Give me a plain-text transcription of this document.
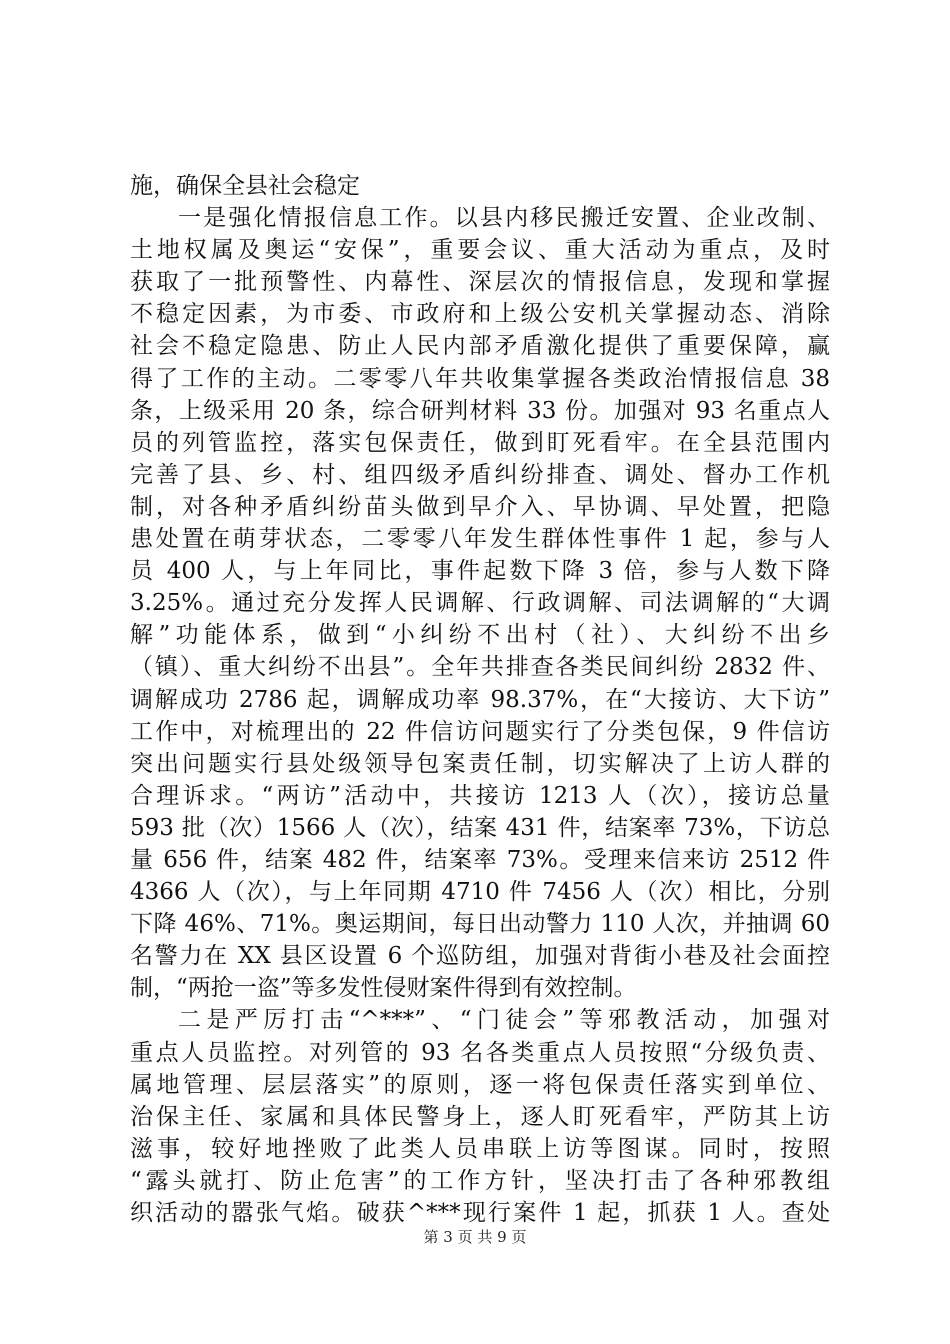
施，确保全县社会稳定
一是强化情报信息工作。以县内移民搬迁安置、企业改制、
土地权属及奥运“安保”，重要会议、重大活动为重点，及时
获取了一批预警性、内幕性、深层次的情报信息，发现和掌握
不稳定因素，为市委、市政府和上级公安机关掌握动态、消除
社会不稳定隐患、防止人民内部矛盾激化提供了重要保障，赢
得了工作的主动。二零零八年共收集掌握各类政治情报信息 38
条，上级采用 20 条，综合研判材料 33 份。加强对 93 名重点人
员的列管监控，落实包保责任，做到盯死看牢。在全县范围内
完善了县、乡、村、组四级矛盾纠纷排查、调处、督办工作机
制，对各种矛盾纠纷苗头做到早介入、早协调、早处置，把隐
患处置在萌芽状态，二零零八年发生群体性事件 1 起，参与人
员 400 人，与上年同比，事件起数下降 3 倍，参与人数下降
3.25%。通过充分发挥人民调解、行政调解、司法调解的“大调
解”功能体系，做到“小纠纷不出村（社）、大纠纷不出乡
（镇）、重大纠纷不出县”。全年共排查各类民间纠纷 2832 件、
调解成功 2786 起，调解成功率 98.37%，在“大接访、大下访”
工作中，对梳理出的 22 件信访问题实行了分类包保，9 件信访
突出问题实行县处级领导包案责任制，切实解决了上访人群的
合理诉求。“两访”活动中，共接访 1213 人（次），接访总量
593 批（次）1566 人（次），结案 431 件，结案率 73%，下访总
量 656 件，结案 482 件，结案率 73%。受理来信来访 2512 件
4366 人（次），与上年同期 4710 件 7456 人（次）相比，分别
下降 46%、71%。奥运期间，每日出动警力 110 人次，并抽调 60
名警力在 XX 县区设置 6 个巡防组，加强对背街小巷及社会面控
制，“两抢一盗”等多发性侵财案件得到有效控制。
二是严厉打击“^***”、“门徒会”等邪教活动，加强对
重点人员监控。对列管的 93 名各类重点人员按照“分级负责、
属地管理、层层落实”的原则，逐一将包保责任落实到单位、
治保主任、家属和具体民警身上，逐人盯死看牢，严防其上访
滋事，较好地挫败了此类人员串联上访等图谋。同时，按照
“露头就打、防止危害”的工作方针，坚决打击了各种邪教组
织活动的嚣张气焰。破获^***现行案件 1 起，抓获 1 人。查处
第 3 页 共 9 页
